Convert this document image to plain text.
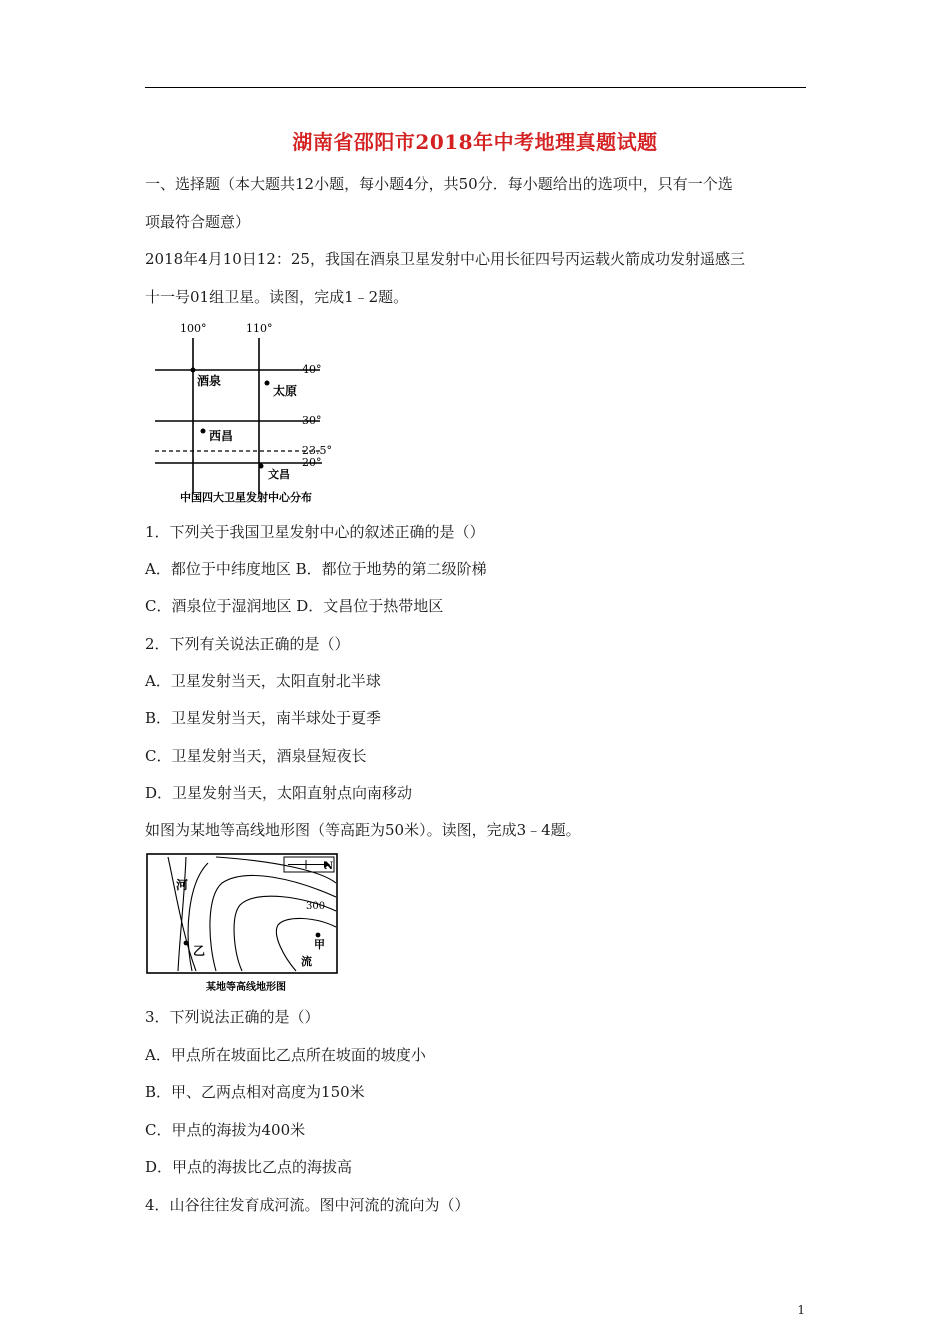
湖南省邵阳市2018年中考地理真题试题
一、选择题（本大题共12小题，每小题4分，共50分．每小题给出的选项中，只有一个选
项最符合题意）
2018年4月10日12：25，我国在酒泉卫星发射中心用长征四号丙运载火箭成功发射遥感三
十一号01组卫星。读图，完成1﹣2题。
100°	110°
40°
30°
23.5°
20°
酒泉
太原
西昌
文昌
中国四大卫星发射中心分布
1．下列关于我国卫星发射中心的叙述正确的是（）
A．都位于中纬度地区 B．都位于地势的第二级阶梯
C．酒泉位于湿润地区 D．文昌位于热带地区
2．下列有关说法正确的是（）
A．卫星发射当天，太阳直射北半球
B．卫星发射当天，南半球处于夏季
C．卫星发射当天，酒泉昼短夜长
D．卫星发射当天，太阳直射点向南移动
如图为某地等高线地形图（等高距为50米）。读图，完成3﹣4题。
N
300
河
乙	甲
流
某地等高线地形图
3．下列说法正确的是（）
A．甲点所在坡面比乙点所在坡面的坡度小
B．甲、乙两点相对高度为150米
C．甲点的海拔为400米
D．甲点的海拔比乙点的海拔高
4．山谷往往发育成河流。图中河流的流向为（）
1
